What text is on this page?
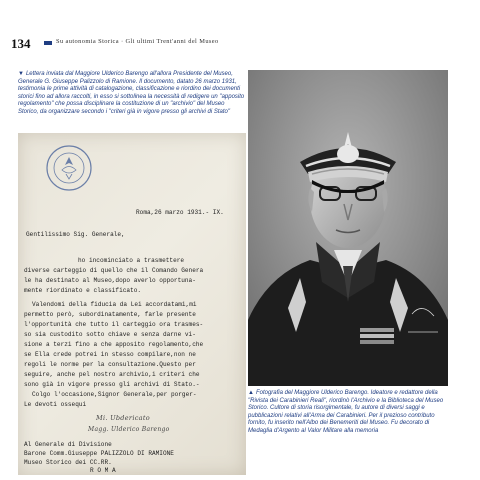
134	Su autonomia Storica · Gli ultimi Trent'anni del Museo
▼ Lettera inviata dal Maggiore Ulderico Barengo all'allora Presidente del Museo, Generale G. Giuseppe Palizzolo di Ramione. Il documento, datato 26 marzo 1931, testimonia le prime attività di catalogazione, classificazione e riordino dei documenti storici fino ad allora raccolti, in esso si sottolinea la necessità di redigere un "apposito regolamento" che possa disciplinare la costituzione di un "archivio" del Museo Storico, da organizzare secondo i "criteri già in vigore presso gli archivi di Stato"
Roma,26 marzo 1931.- IX.
Gentilissimo Sig. Generale,
ho incominciato a trasmettere
diverse carteggio di quello che il Comando Genera
le ha destinato al Museo,dopo averlo opportuna-
mente riordinato e classificato.
Valendomi della fiducia da Lei accordatami,mi
permetto però, subordinatamente, farle presente
l'opportunità che tutto il carteggio ora trasmes-
so sia custodito sotto chiave e senza darne vi-
sione a terzi fino a che apposito regolamento,che
se Ella crede potrei in stesso compilare,non ne
regoli le norme per la consultazione.Questo per
seguire, anche pel nostro archivio,i criteri che
sono già in vigore presso gli archivi di Stato.-
Colgo l'occasione,Signor Generale,per porger-
Le devoti ossequi
Mi. Ubdericato
Magg. Ulderico Barengo
Al Generale di Divisione
Barone Comm.Giuseppe PALIZZOLO DI RAMIONE
Museo Storico dei CC.RR.
R O M A
▲ Fotografia del Maggiore Ulderico Barengo. Ideatore e redattore della "Rivista dei Carabinieri Reali", riordinò l'Archivio e la Biblioteca del Museo Storico. Cultore di storia risorgimentale, fu autore di diversi saggi e pubblicazioni relativi all'Arma dei Carabinieri. Per il prezioso contributo fornito, fu inserito nell'Albo dei Benemeriti del Museo. Fu decorato di Medaglia d'Argento al Valor Militare alla memoria
